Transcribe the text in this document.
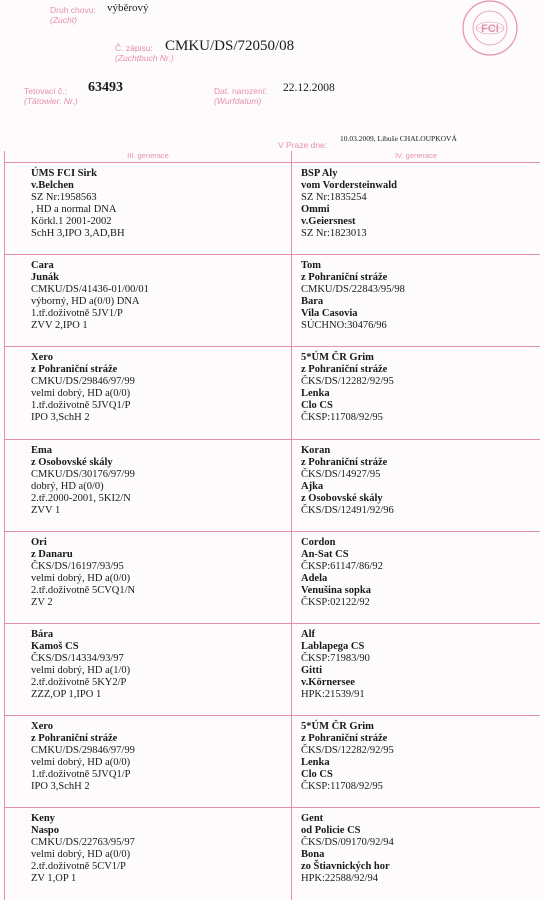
Druh chovu:
(Zucht)
výběrový
Č. zápisu:
(Zuchtbuch Nr.)
CMKU/DS/72050/08
Tetovací č.:
(Tätowier. Nr.)
63493	Dat. narození:
(Wurfdatum)
22.12.2008
V Praze dne:
10.03.2009, Libuše CHALOUPKOVÁ
FCI
III. generace	IV. generace
ÚMS FCI Sirk
v.Belchen
SZ Nr:1958563
, HD a normal DNA
Körkl.1 2001-2002
SchH 3,IPO 3,AD,BH
BSP Aly
vom Vordersteinwald
SZ Nr:1835254
Ommi
v.Geiersnest
SZ Nr:1823013
Cara
Junák
CMKU/DS/41436-01/00/01
výborný, HD a(0/0) DNA
1.tř.doživotně 5JV1/P
ZVV 2,IPO 1
Tom
z Pohraniční stráže
CMKU/DS/22843/95/98
Bara
Vila Casovia
SÚCHNO:30476/96
Xero
z Pohraniční stráže
CMKU/DS/29846/97/99
velmi dobrý, HD a(0/0)
1.tř.doživotně 5JVQ1/P
IPO 3,SchH 2
5*ÚM ČR Grim
z Pohraniční stráže
ČKS/DS/12282/92/95
Lenka
Clo CS
ČKSP:11708/92/95
Ema
z Osobovské skály
CMKU/DS/30176/97/99
dobrý, HD a(0/0)
2.tř.2000-2001, 5KI2/N
ZVV 1
Koran
z Pohraniční stráže
ČKS/DS/14927/95
Ajka
z Osobovské skály
ČKS/DS/12491/92/96
Ori
z Danaru
ČKS/DS/16197/93/95
velmi dobrý, HD a(0/0)
2.tř.doživotně 5CVQ1/N
ZV 2
Cordon
An-Sat CS
ČKSP:61147/86/92
Adela
Venušina sopka
ČKSP:02122/92
Bára
Kamoš CS
ČKS/DS/14334/93/97
velmi dobrý, HD a(1/0)
2.tř.doživotně 5KY2/P
ZZZ,OP 1,IPO 1
Alf
Lablapega CS
ČKSP:71983/90
Gitti
v.Körnersee
HPK:21539/91
Xero
z Pohraniční stráže
CMKU/DS/29846/97/99
velmi dobrý, HD a(0/0)
1.tř.doživotně 5JVQ1/P
IPO 3,SchH 2
5*ÚM ČR Grim
z Pohraniční stráže
ČKS/DS/12282/92/95
Lenka
Clo CS
ČKSP:11708/92/95
Keny
Naspo
CMKU/DS/22763/95/97
velmi dobrý, HD a(0/0)
2.tř.doživotně 5CV1/P
ZV 1,OP 1
Gent
od Policie CS
ČKS/DS/09170/92/94
Bona
zo Štiavnických hor
HPK:22588/92/94
